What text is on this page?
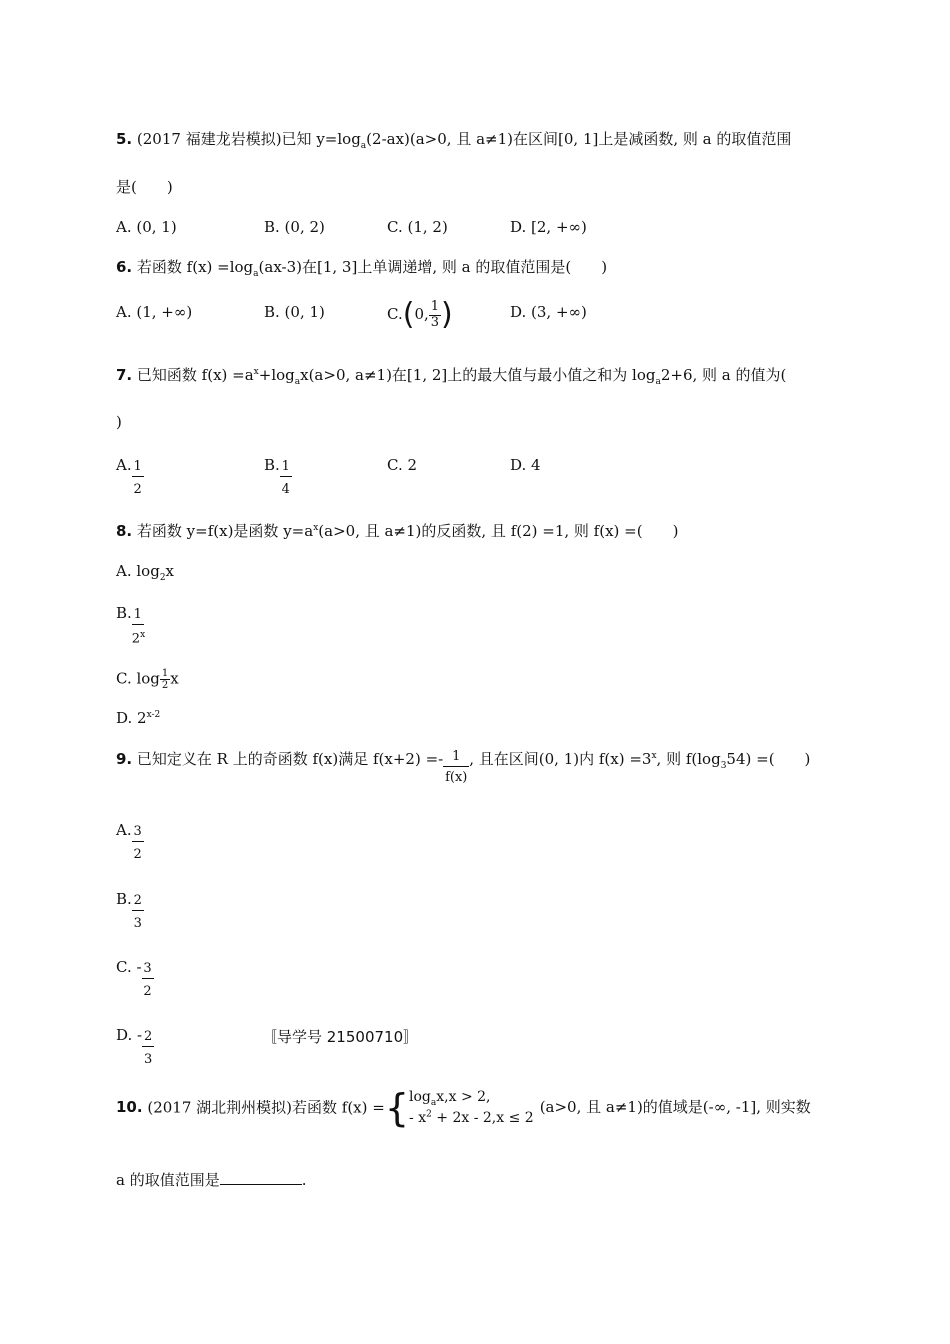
5. (2017 福建龙岩模拟)已知 $y=\log_a(2-ax)(a>0$, 且 a≠1)在区间[0, 1]上是减函数, 则 a 的取值范围
是(　　)
A. (0, 1)	B. (0, 2)	C. (1, 2)	D. [2, +∞)
6. 若函数 $f(x) =\log_a(ax-3)$在[1, 3]上单调递增, 则 a 的取值范围是(　　)
A. (1, +∞)	B. (0, 1)	C.(0, $\frac{1}{3}$ )	D. (3, +∞)
7. 已知函数 $f(x) =a^x+\log_ax(a>0$, a≠1)在[1, 2]上的最大值与最小值之和为 $\log_a2+6$, 则 a 的值为(
)
A. $\frac{1}{2}$	B. $\frac{1}{4}$	C. 2	D. 4
8. 若函数 y=f(x)是函数 $y=a^x(a>0$, 且 a≠1)的反函数, 且 f(2) =1, 则 f(x) =(　　)
A. $\log_2x$
B. $\frac{1}{2^x}$
C. $\log \frac{1}{2}$ x
D. 2$^{x-2}$
9. 已知定义在 R 上的奇函数 f(x)满足 $f(x+2) =- \frac{1}{f(x)}$ , 且在区间(0, 1)内 $f(x) =3^x$, 则 $f(\log_354)$ =(　　)
A. $\frac{3}{2}$
B. $\frac{2}{3}$
C. - $\frac{3}{2}$
D. - $\frac{2}{3}$	〚导学号 21500710〛
10. (2017 湖北荆州模拟)若函数 f(x) ={ $\log_ax,x > 2$,
- $x^2 + 2x - 2,x \le 2$
(a>0, 且 a≠1)的值域是(-∞, -1], 则实数
a 的取值范围是	.
